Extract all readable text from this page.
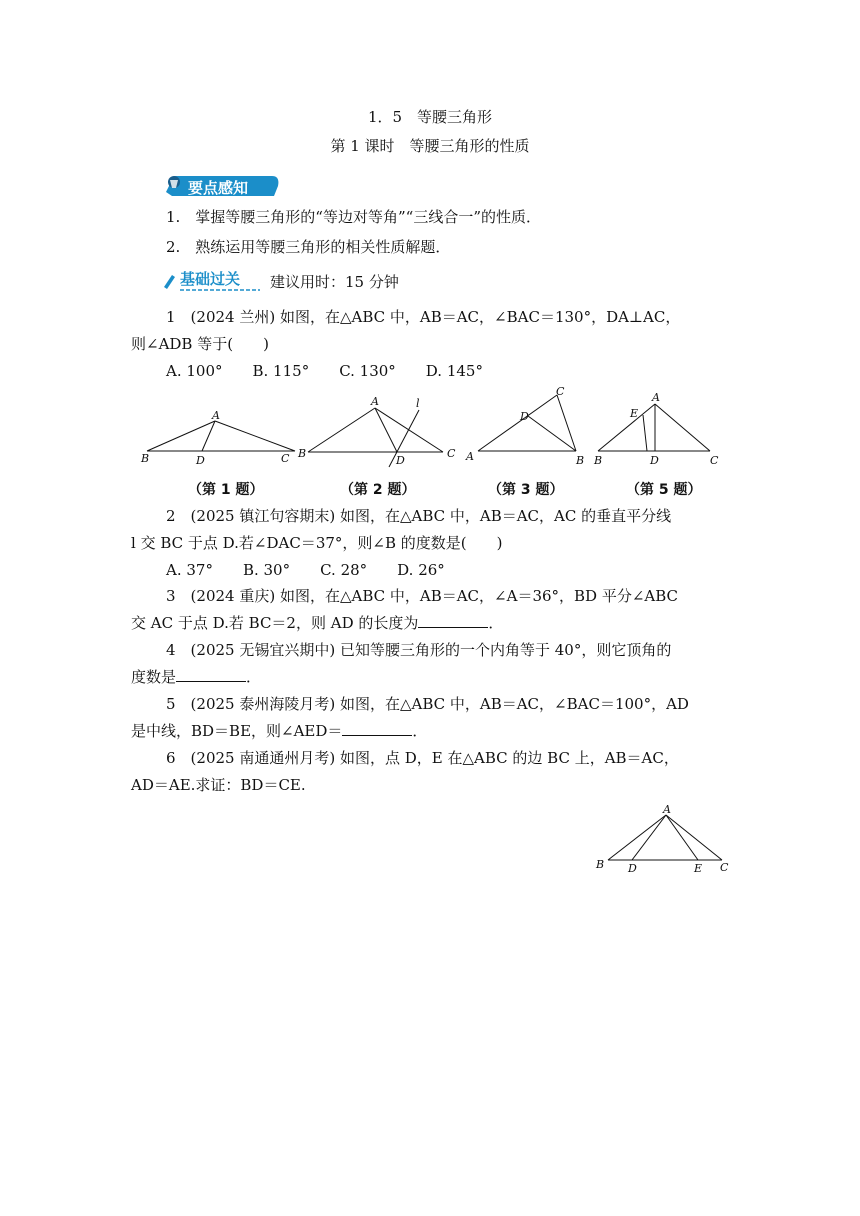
1．5　等腰三角形
第 1 课时　等腰三角形的性质
要点感知
1.　掌握等腰三角形的“等边对等角”“三线合一”的性质．
2.　熟练运用等腰三角形的相关性质解题．
基础过关 建议用时：15 分钟
1　(2024 兰州) 如图，在△ABC 中，AB＝AC，∠BAC＝130°，DA⊥AC，
则∠ADB 等于(　　)
A. 100°　　B. 115°　　C. 130°　　D. 145°
A
B	D	C
A	l
B
D
C
C
D
A	B
A
E
B	D	C
（第 1 题）	（第 2 题）	（第 3 题）	（第 5 题）
2　(2025 镇江句容期末) 如图，在△ABC 中，AB＝AC，AC 的垂直平分线
l 交 BC 于点 D.若∠DAC＝37°，则∠B 的度数是(　　)
A. 37°　　B. 30°　　C. 28°　　D. 26°
3　(2024 重庆) 如图，在△ABC 中，AB＝AC，∠A＝36°，BD 平分∠ABC
交 AC 于点 D.若 BC＝2，则 AD 的长度为	．
4　(2025 无锡宜兴期中) 已知等腰三角形的一个内角等于 40°，则它顶角的
度数是	．
5　(2025 泰州海陵月考) 如图，在△ABC 中，AB＝AC，∠BAC＝100°，AD
是中线，BD＝BE，则∠AED＝	．
6　(2025 南通通州月考) 如图，点 D，E 在△ABC 的边 BC 上，AB＝AC，
AD＝AE.求证：BD＝CE.
A
B D	E C
